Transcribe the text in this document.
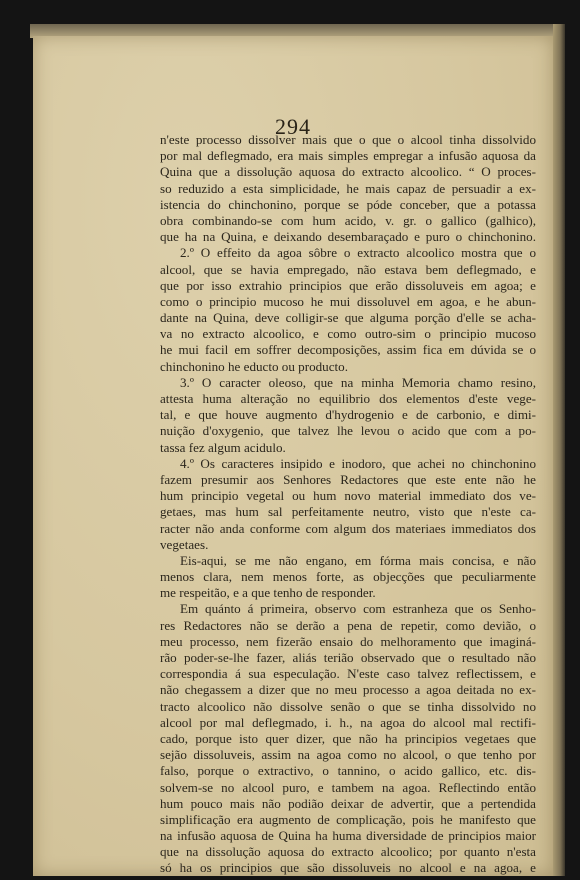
294
n'este processo dissolver mais que o que o alcool tinha dissolvido
por mal deflegmado, era mais simples empregar a infusão aquosa da
Quina que a dissolução aquosa do extracto alcoolico. “ O proces-
so reduzido a esta simplicidade, he mais capaz de persuadir a ex-
istencia do chinchonino, porque se póde conceber, que a potassa
obra combinando-se com hum acido, v. gr. o gallico (galhico),
que ha na Quina, e deixando desembaraçado e puro o chinchonino.
2.º O effeito da agoa sôbre o extracto alcoolico mostra que o
alcool, que se havia empregado, não estava bem deflegmado, e
que por isso extrahio principios que erão dissoluveis em agoa; e
como o principio mucoso he mui dissoluvel em agoa, e he abun-
dante na Quina, deve colligir-se que alguma porção d'elle se acha-
va no extracto alcoolico, e como outro-sim o principio mucoso
he mui facil em soffrer decomposições, assim fica em dúvida se o
chinchonino he educto ou producto.
3.º O caracter oleoso, que na minha Memoria chamo resino,
attesta huma alteração no equilibrio dos elementos d'este vege-
tal, e que houve augmento d'hydrogenio e de carbonio, e dimi-
nuição d'oxygenio, que talvez lhe levou o acido que com a po-
tassa fez algum acidulo.
4.º Os caracteres insipido e inodoro, que achei no chinchonino
fazem presumir aos Senhores Redactores que este ente não he
hum principio vegetal ou hum novo material immediato dos ve-
getaes, mas hum sal perfeitamente neutro, visto que n'este ca-
racter não anda conforme com algum dos materiaes immediatos dos
vegetaes.
Eis-aqui, se me não engano, em fórma mais concisa, e não
menos clara, nem menos forte, as objecções que peculiarmente
me respeitão, e a que tenho de responder.
Em quánto á primeira, observo com estranheza que os Senho-
res Redactores não se derão a pena de repetir, como devião, o
meu processo, nem fizerão ensaio do melhoramento que imaginá-
rão poder-se-lhe fazer, aliás terião observado que o resultado não
correspondia á sua especulação. N'este caso talvez reflectissem, e
não chegassem a dizer que no meu processo a agoa deitada no ex-
tracto alcoolico não dissolve senão o que se tinha dissolvido no
alcool por mal deflegmado, i. h., na agoa do alcool mal rectifi-
cado, porque isto quer dizer, que não ha principios vegetaes que
sejão dissoluveis, assim na agoa como no alcool, o que tenho por
falso, porque o extractivo, o tannino, o acido gallico, etc. dis-
solvem-se no alcool puro, e tambem na agoa. Reflectindo então
hum pouco mais não podião deixar de advertir, que a pertendida
simplificação era augmento de complicação, pois he manifesto que
na infusão aquosa de Quina ha huma diversidade de principios maior
que na dissolução aquosa do extracto alcoolico; por quanto n'esta
só ha os principios que são dissoluveis no alcool e na agoa, e
